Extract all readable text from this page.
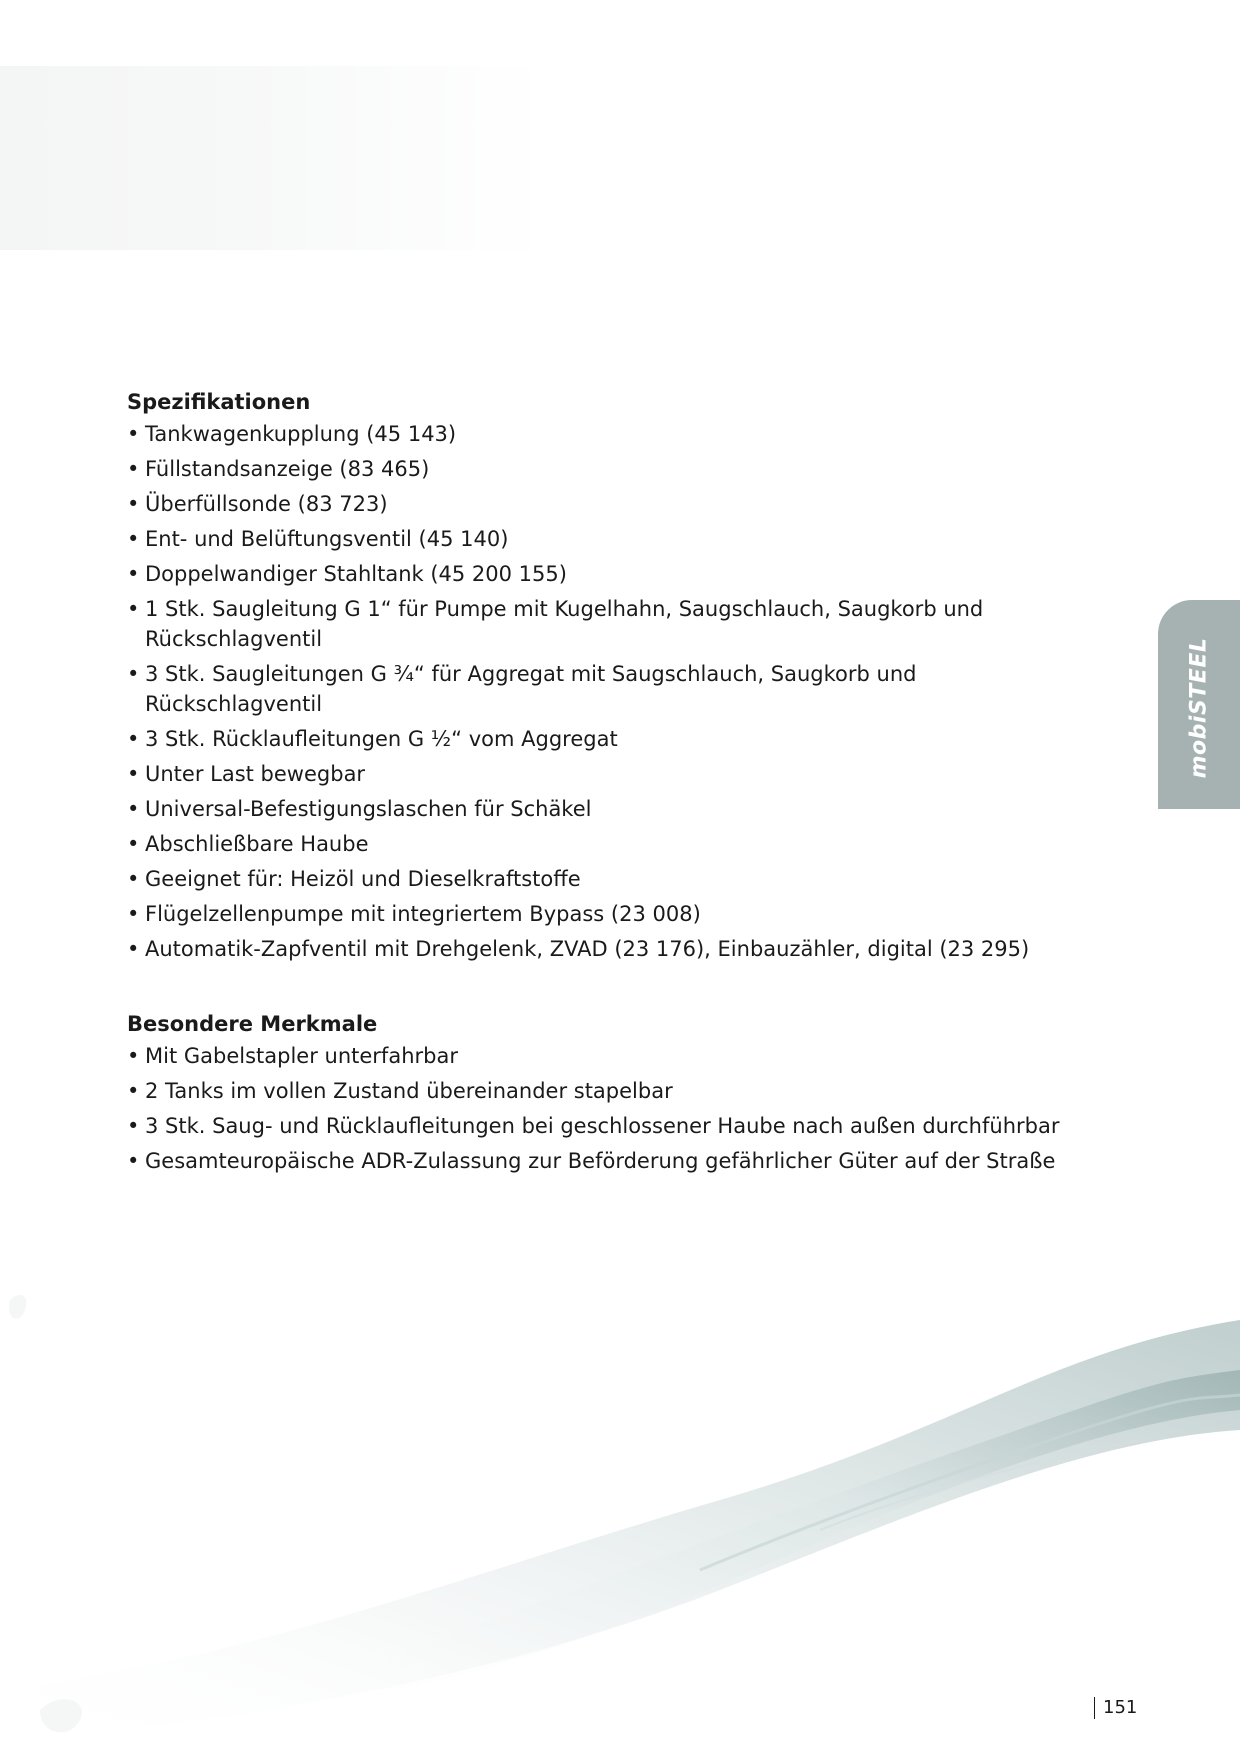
Spezifikationen
• Tankwagenkupplung (45 143)
• Füllstandsanzeige (83 465)
• Überfüllsonde (83 723)
• Ent- und Belüftungsventil (45 140)
• Doppelwandiger Stahltank (45 200 155)
• 1 Stk. Saugleitung G 1“ für Pumpe mit Kugelhahn, Saugschlauch, Saugkorb und Rückschlagventil
• 3 Stk. Saugleitungen G ¾“ für Aggregat mit Saugschlauch, Saugkorb und Rückschlagventil
• 3 Stk. Rücklaufleitungen G ½“ vom Aggregat
• Unter Last bewegbar
• Universal-Befestigungslaschen für Schäkel
• Abschließbare Haube
• Geeignet für: Heizöl und Dieselkraftstoffe
• Flügelzellenpumpe mit integriertem Bypass (23 008)
• Automatik-Zapfventil mit Drehgelenk, ZVAD (23 176), Einbauzähler, digital (23 295)
Besondere Merkmale
• Mit Gabelstapler unterfahrbar
• 2 Tanks im vollen Zustand übereinander stapelbar
• 3 Stk. Saug- und Rücklaufleitungen bei geschlossener Haube nach außen durchführbar
• Gesamteuropäische ADR-Zulassung zur Beförderung gefährlicher Güter auf der Straße
mobiSTEEL
151
